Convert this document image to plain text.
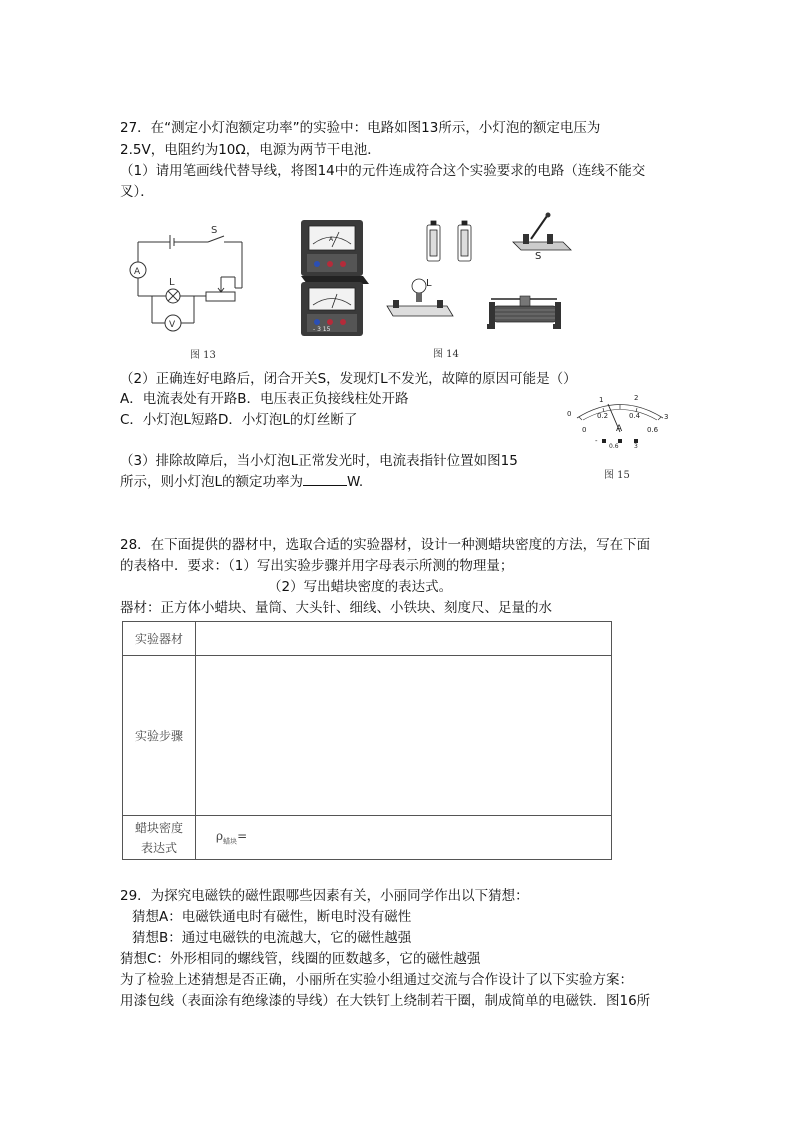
27．在“测定小灯泡额定功率”的实验中：电路如图13所示，小灯泡的额定电压为
2.5V，电阻约为10Ω，电源为两节干电池．
（1）请用笔画线代替导线，将图14中的元件连成符合这个实验要求的电路（连线不能交
叉）．
S
A
L
V
图 13
A
- 3 15
S
L
图 14
（2）正确连好电路后，闭合开关S，发现灯L不发光，故障的原因可能是（）
A．电流表处有开路B．电压表正负接线柱处开路
C．小灯泡L短路D．小灯泡L的灯丝断了
（3）排除故障后，当小灯泡L正常发光时，电流表指针位置如图15
所示，则小灯泡L的额定功率为	W.
0
1	2
3
0
0.2	0.4
0.6
A
0.6	3
-
图 15
28．在下面提供的器材中，选取合适的实验器材，设计一种测蜡块密度的方法，写在下面
的表格中．要求：（1）写出实验步骤并用字母表示所测的物理量；
（2）写出蜡块密度的表达式。
器材：正方体小蜡块、量筒、大头针、细线、小铁块、刻度尺、足量的水
实验器材	
实验步骤	

蜡块密度
表达式	$\rho_{蜡块}=$
29．为探究电磁铁的磁性跟哪些因素有关，小丽同学作出以下猜想：
猜想A：电磁铁通电时有磁性，断电时没有磁性
猜想B：通过电磁铁的电流越大，它的磁性越强
猜想C：外形相同的螺线管，线圈的匝数越多，它的磁性越强
为了检验上述猜想是否正确，小丽所在实验小组通过交流与合作设计了以下实验方案：
用漆包线（表面涂有绝缘漆的导线）在大铁钉上绕制若干圈，制成简单的电磁铁．图16所
